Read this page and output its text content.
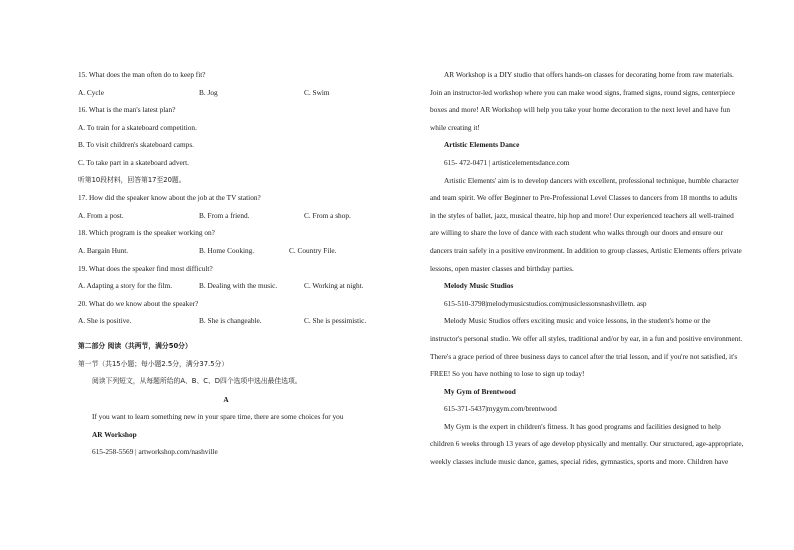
15. What does the man often do to keep fit?
A. Cycle	B. Jog	C. Swim
16. What is the man's latest plan?
A. To train for a skateboard competition.
B. To visit children's skateboard camps.
C. To take part in a skateboard advert.
听第10段材料，回答第17至20题。
17. How did the speaker know about the job at the TV station?
A. From a post.	B. From a friend.	C. From a shop.
18. Which program is the speaker working on?
A. Bargain Hunt.	B. Home Cooking.	C. Country File.
19. What does the speaker find most difficult?
A. Adapting a story for the film.	B. Dealing with the music.	C. Working at night.
20. What do we know about the speaker?
A. She is positive.	B. She is changeable.	C. She is pessimistic.
第二部分 阅读（共两节，满分50分）
第一节（共15小题；每小题2.5分，满分37.5分）
阅读下列短文，从每题所给的A、B、C、D四个选项中选出最佳选项。
A
If you want to learn something new in your spare time, there are some choices for you
AR Workshop
615-258-5569 | artworkshop.com/nashville
AR Workshop is a DIY studio that offers hands-on classes for decorating home from raw materials.
Join an instructor-led workshop where you can make wood signs, framed signs, round signs, centerpiece
boxes and more! AR Workshop will help you take your home decoration to the next level and have fun
while creating it!
Artistic Elements Dance
615- 472-0471 | artisticelementsdance.com
Artistic Elements' aim is to develop dancers with excellent, professional technique, humble character
and team spirit. We offer Beginner to Pre-Professional Level Classes to dancers from 18 months to adults
in the styles of ballet, jazz, musical theatre, hip hop and more! Our experienced teachers all well-trained
are willing to share the love of dance with each student who walks through our doors and ensure our
dancers train safely in a positive environment. In addition to group classes, Artistic Elements offers private
lessons, open master classes and birthday parties.
Melody Music Studios
615-510-3798|melodymusicstudios.com|musiclessonsnashvilletn. asp
Melody Music Studios offers exciting music and voice lessons, in the student's home or the
instructor's personal studio. We offer all styles, traditional and/or by ear, in a fun and positive environment.
There's a grace period of three business days to cancel after the trial lesson, and if you're not satisfied, it's
FREE! So you have nothing to lose to sign up today!
My Gym of Brentwood
615-371-5437|mygym.com/brentwood
My Gym is the expert in children's fitness. It has good programs and facilities designed to help
children 6 weeks through 13 years of age develop physically and mentally. Our structured, age-appropriate,
weekly classes include music dance, games, special rides, gymnastics, sports and more. Children have
